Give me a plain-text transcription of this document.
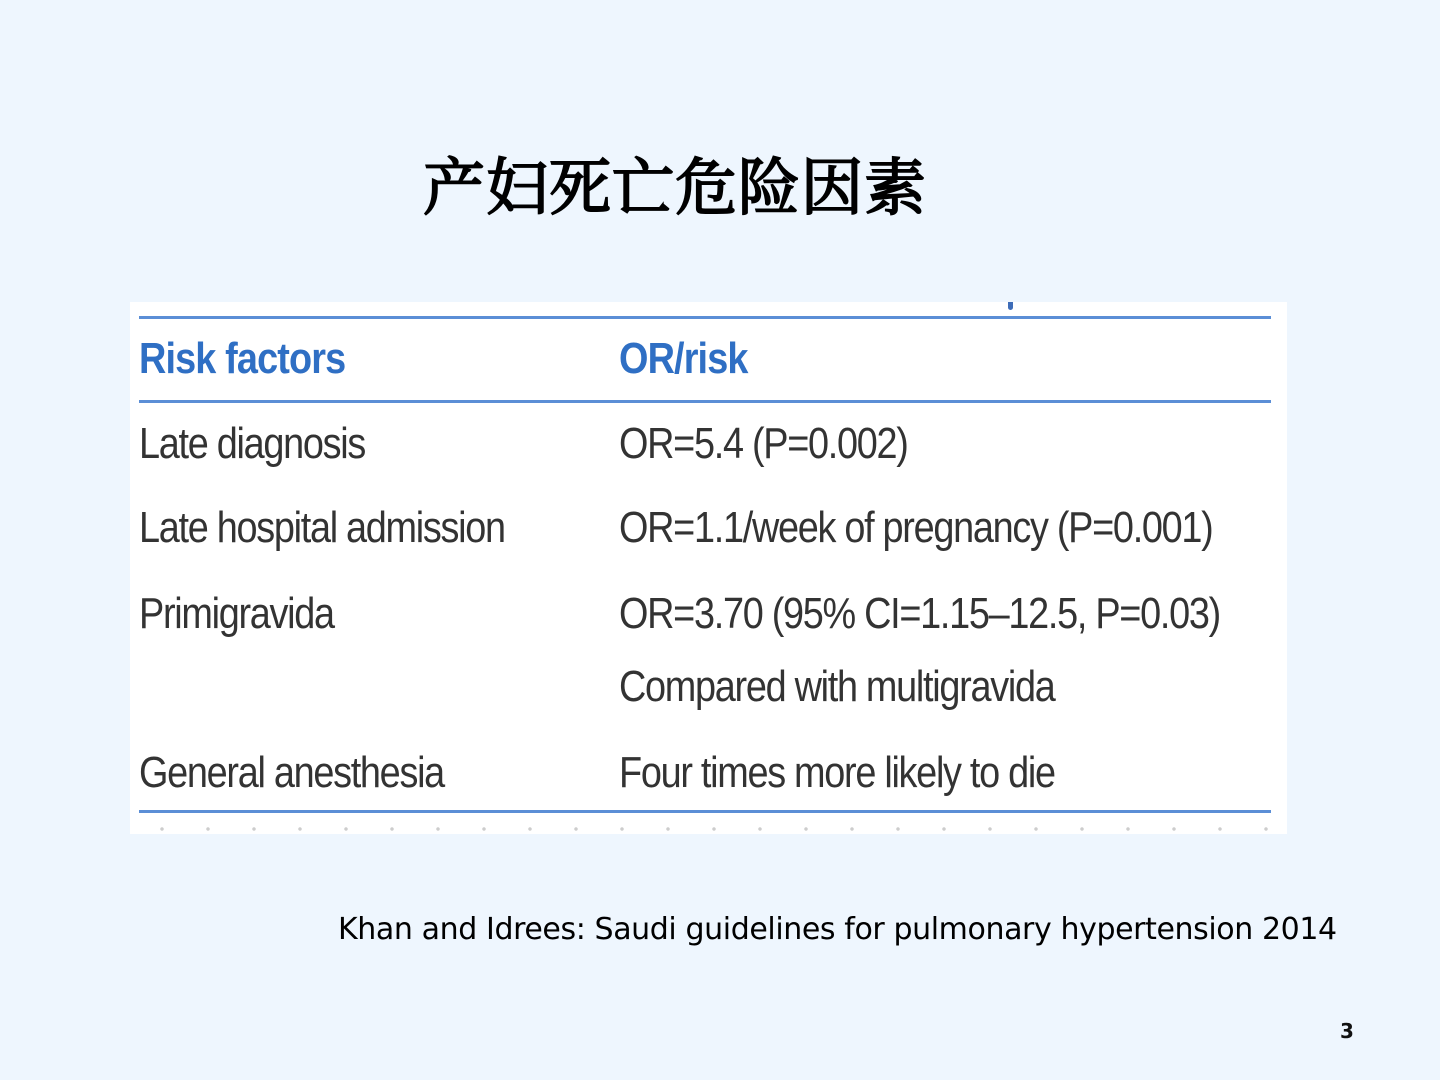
产妇死亡危险因素
Risk factors	OR/risk
Late diagnosis	OR=5.4 (P=0.002)
Late hospital admission	OR=1.1/week of pregnancy (P=0.001)
Primigravida	OR=3.70 (95% CI=1.15–12.5, P=0.03)
Compared with multigravida
General anesthesia	Four times more likely to die
Khan and Idrees: Saudi guidelines for pulmonary hypertension 2014
3
